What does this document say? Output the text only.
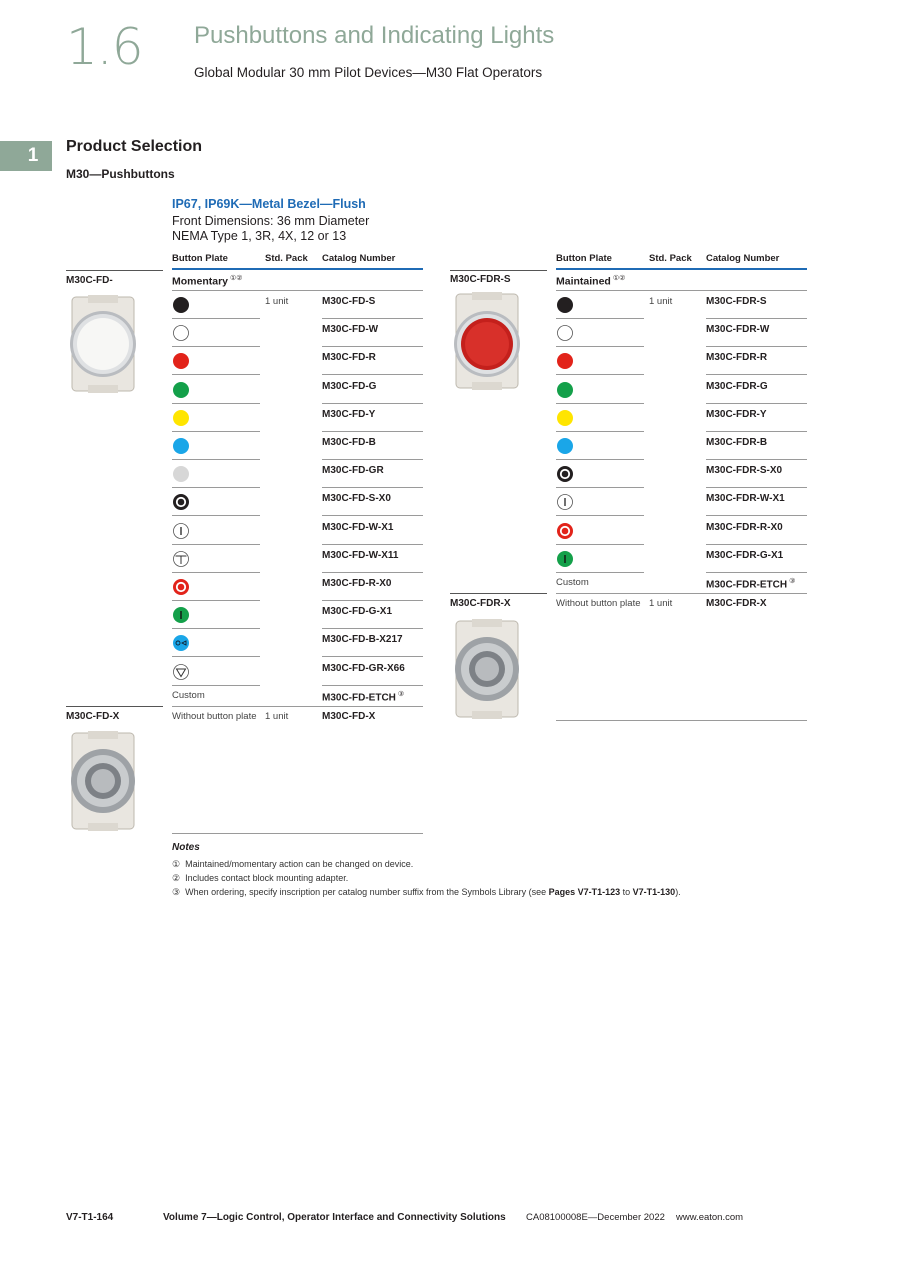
1.6 Pushbuttons and Indicating Lights
Global Modular 30 mm Pilot Devices—M30 Flat Operators
1	Product Selection
M30—Pushbuttons
IP67, IP69K—Metal Bezel—Flush
Front Dimensions: 36 mm Diameter
NEMA Type 1, 3R, 4X, 12 or 13
Button Plate	Std. Pack Catalog Number
M30C-FD-	Momentary ①②
1 unit	M30C-FD-S
M30C-FD-W
M30C-FD-R
M30C-FD-G
M30C-FD-Y
M30C-FD-B
M30C-FD-GR
M30C-FD-S-X0
M30C-FD-W-X1
M30C-FD-W-X11
M30C-FD-R-X0
M30C-FD-G-X1
M30C-FD-B-X217
M30C-FD-GR-X66
Custom	M30C-FD-ETCH ③
M30C-FD-X	Without button plate 1 unit	M30C-FD-X
Button Plate	Std. Pack Catalog Number
M30C-FDR-S	Maintained ①②
1 unit	M30C-FDR-S
M30C-FDR-W
M30C-FDR-R
M30C-FDR-G
M30C-FDR-Y
M30C-FDR-B
M30C-FDR-S-X0
M30C-FDR-W-X1
M30C-FDR-R-X0
M30C-FDR-G-X1
Custom	M30C-FDR-ETCH ③
M30C-FDR-X	Without button plate 1 unit	M30C-FDR-X
Notes
① Maintained/momentary action can be changed on device.
② Includes contact block mounting adapter.
③ When ordering, specify inscription per catalog number suffix from the Symbols Library (see Pages V7-T1-123 to V7-T1-130).
V7-T1-164	Volume 7—Logic Control, Operator Interface and Connectivity Solutions CA08100008E—December 2022 www.eaton.com
